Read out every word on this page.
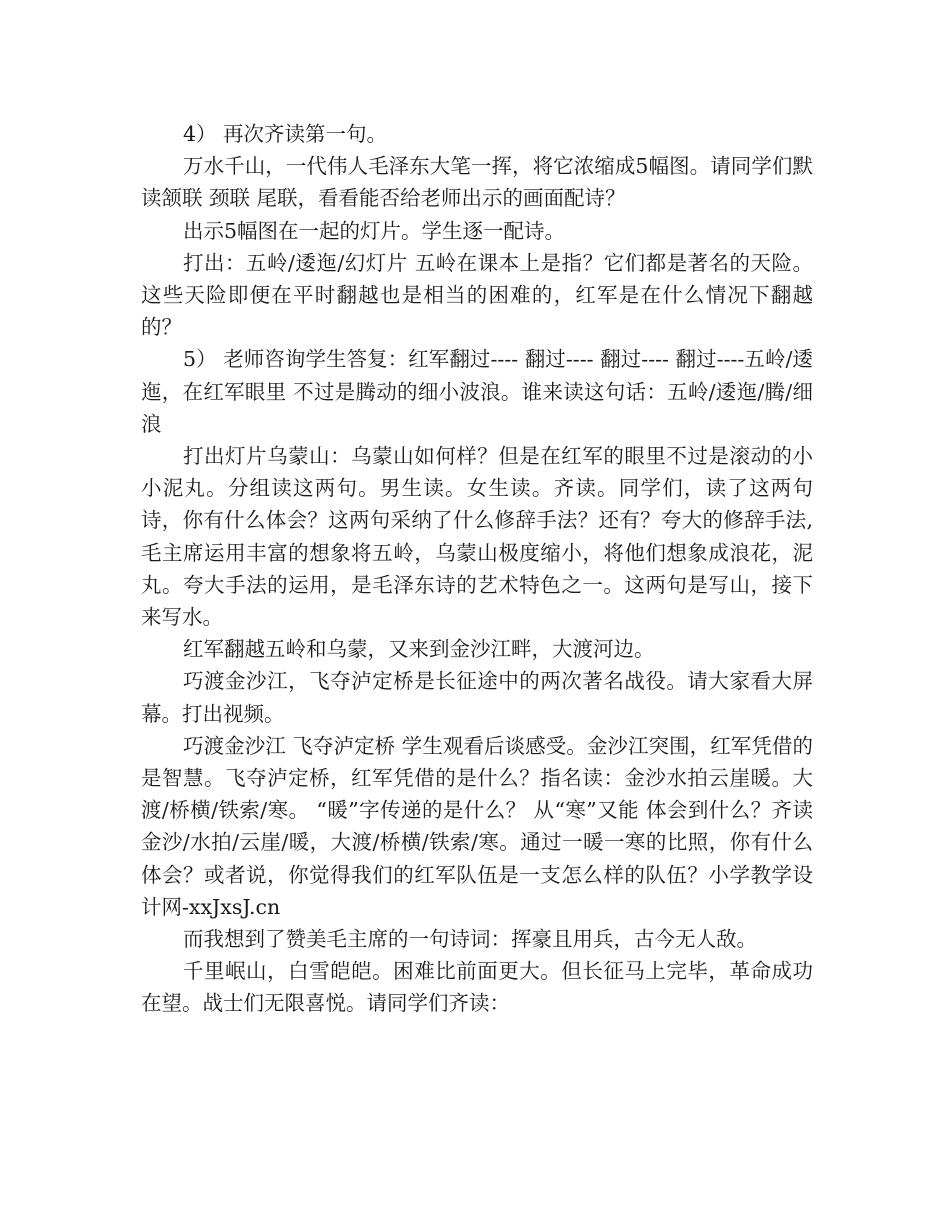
4） 再次齐读第一句。

万水千山，一代伟人毛泽东大笔一挥，将它浓缩成5幅图。请同学们默读颔联 颈联 尾联，看看能否给老师出示的画面配诗？

出示5幅图在一起的灯片。学生逐一配诗。

打出：五岭/逶迤/幻灯片 五岭在课本上是指？它们都是著名的天险。这些天险即便在平时翻越也是相当的困难的，红军是在什么情况下翻越的？

5） 老师咨询学生答复：红军翻过---- 翻过---- 翻过---- 翻过----五岭/逶迤，在红军眼里 不过是腾动的细小波浪。谁来读这句话：五岭/逶迤/腾/细浪

打出灯片乌蒙山：乌蒙山如何样？但是在红军的眼里不过是滚动的小小泥丸。分组读这两句。男生读。女生读。齐读。同学们，读了这两句诗，你有什么体会？这两句采纳了什么修辞手法？还有？夸大的修辞手法,毛主席运用丰富的想象将五岭，乌蒙山极度缩小，将他们想象成浪花，泥丸。夸大手法的运用，是毛泽东诗的艺术特色之一。这两句是写山，接下来写水。

红军翻越五岭和乌蒙，又来到金沙江畔，大渡河边。

巧渡金沙江，飞夺泸定桥是长征途中的两次著名战役。请大家看大屏幕。打出视频。

巧渡金沙江 飞夺泸定桥 学生观看后谈感受。金沙江突围，红军凭借的是智慧。飞夺泸定桥，红军凭借的是什么？指名读：金沙水拍云崖暖。大渡/桥横/铁索/寒。 “暖”字传递的是什么？ 从“寒”又能 体会到什么？齐读金沙/水拍/云崖/暖，大渡/桥横/铁索/寒。通过一暖一寒的比照，你有什么体会？或者说，你觉得我们的红军队伍是一支怎么样的队伍？小学教学设计网-xxJxsJ.cn

而我想到了赞美毛主席的一句诗词：挥豪且用兵，古今无人敌。

千里岷山，白雪皑皑。困难比前面更大。但长征马上完毕，革命成功在望。战士们无限喜悦。请同学们齐读：
